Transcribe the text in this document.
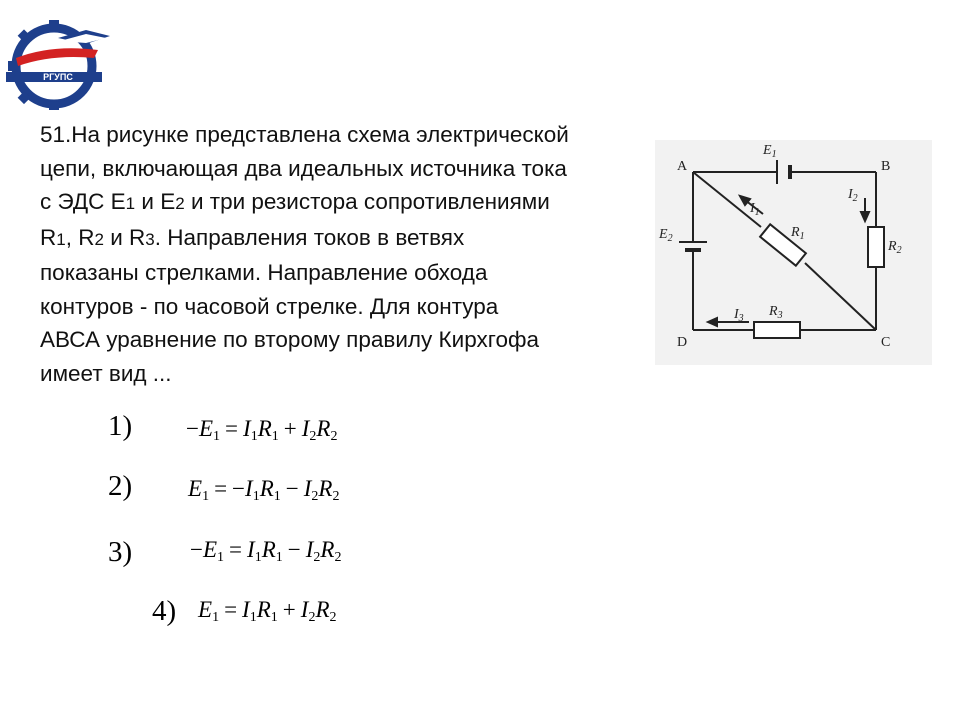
РГУПС
51.На рисунке представлена схема электрической
цепи, включающая два идеальных источника тока
с ЭДС Е1 и Е2 и три резистора сопротивлениями
R1, R2 и R3. Направления токов в ветвях
показаны стрелками. Направление обхода
контуров - по часовой стрелке. Для контура
АВСА уравнение по второму правилу Кирхгофа
имеет вид ...
A	B
C
D
$E_1$
$E_2$	$R_1$
$R_2$
$R_3$
$I_1$
$I_2$
$I_3$
$1) -E_1 = I_1R_1 + I_2R_2$
2) $E_1 = -I_1R_1 - I_2R_2$
3)	$-E_1 = I_1R_1 - I_2R_2$
4) $E_1 = I_1R_1 + I_2R_2$
